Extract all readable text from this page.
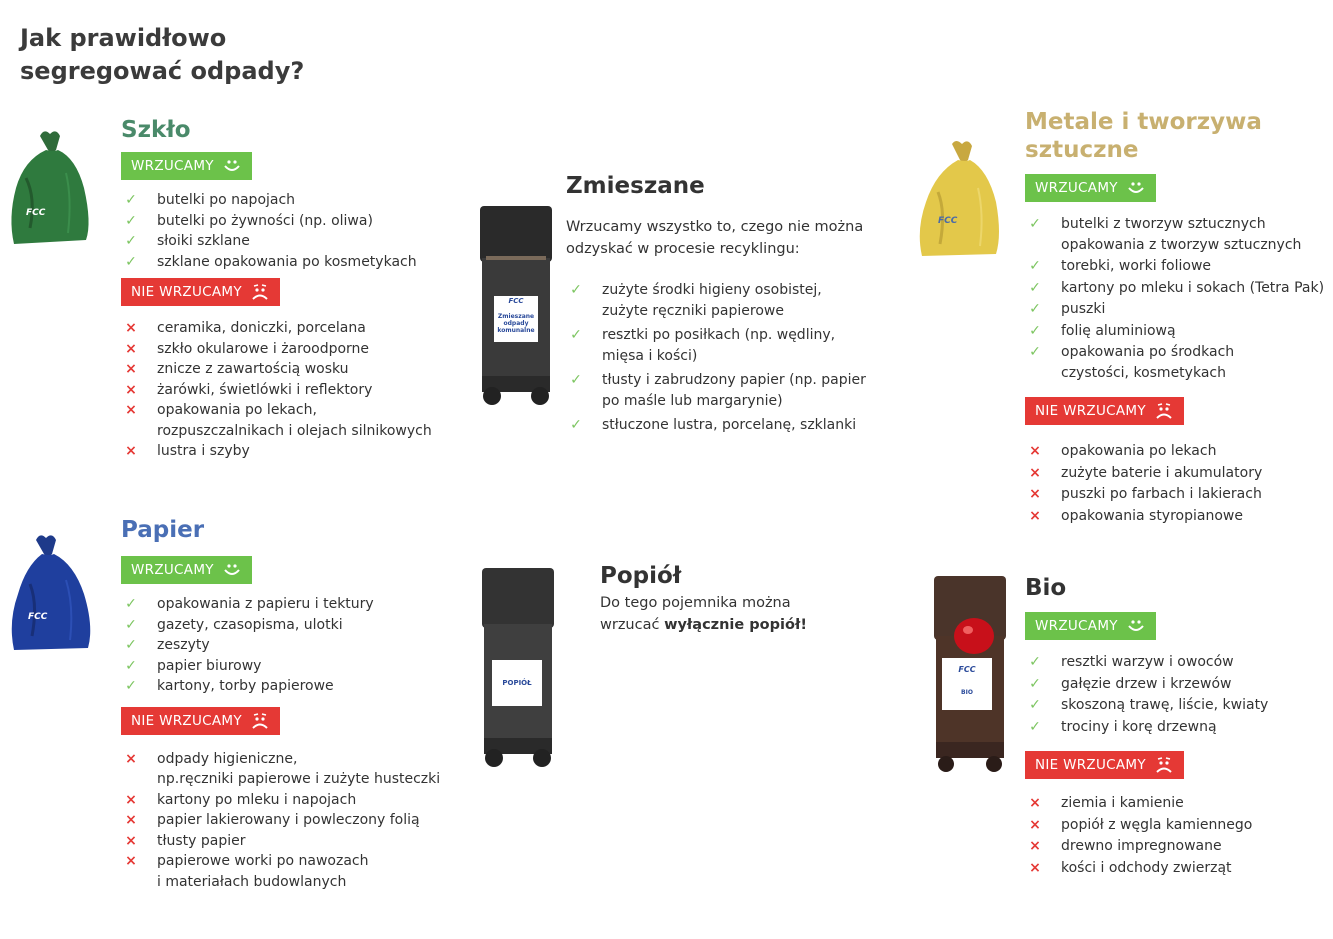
Jak prawidłowo
segregować odpady?
FCC
Szkło
WRZUCAMY
✓ butelki po napojach
✓ butelki po żywności (np. oliwa)
✓ słoiki szklane
✓ szklane opakowania po kosmetykach
NIE WRZUCAMY
× ceramika, doniczki, porcelana
× szkło okularowe i żaroodporne
× znicze z zawartością wosku
× żarówki, świetlówki i reflektory
× opakowania po lekach,
rozpuszczalnikach i olejach silnikowych
× lustra i szyby
FCC
Papier
WRZUCAMY
✓ opakowania z papieru i tektury
✓ gazety, czasopisma, ulotki
✓ zeszyty
✓ papier biurowy
✓ kartony, torby papierowe
NIE WRZUCAMY
× odpady higieniczne,
np.ręczniki papierowe i zużyte husteczki
× kartony po mleku i napojach
× papier lakierowany i powleczony folią
× tłusty papier
× papierowe worki po nawozach
i materiałach budowlanych
FCC
Zmieszane
odpady
komunalne
Zmieszane

Wrzucamy wszystko to, czego nie można

odzyskać w procesie recyklingu:

✓ zużyte środki higieny osobistej,
zużyte ręczniki papierowe
✓ resztki po posiłkach (np. wędliny,
mięsa i kości)
✓ tłusty i zabrudzony papier (np. papier
po maśle lub margarynie)
✓ stłuczone lustra, porcelanę, szklanki
POPIÓŁ
Popiół

Do tego pojemnika można

wrzucać wyłącznie popiół!

FCC
Metale i tworzywa
sztuczne
WRZUCAMY
✓ butelki z tworzyw sztucznych
opakowania z tworzyw sztucznych
✓ torebki, worki foliowe
✓ kartony po mleku i sokach (Tetra Pak)
✓ puszki
✓ folię aluminiową
✓ opakowania po środkach
czystości, kosmetykach
NIE WRZUCAMY
× opakowania po lekach
× zużyte baterie i akumulatory
× puszki po farbach i lakierach
× opakowania styropianowe
FCC
BIO
Bio
WRZUCAMY
✓ resztki warzyw i owoców
✓ gałęzie drzew i krzewów
✓ skoszoną trawę, liście, kwiaty
✓ trociny i korę drzewną
NIE WRZUCAMY
× ziemia i kamienie
× popiół z węgla kamiennego
× drewno impregnowane
× kości i odchody zwierząt
